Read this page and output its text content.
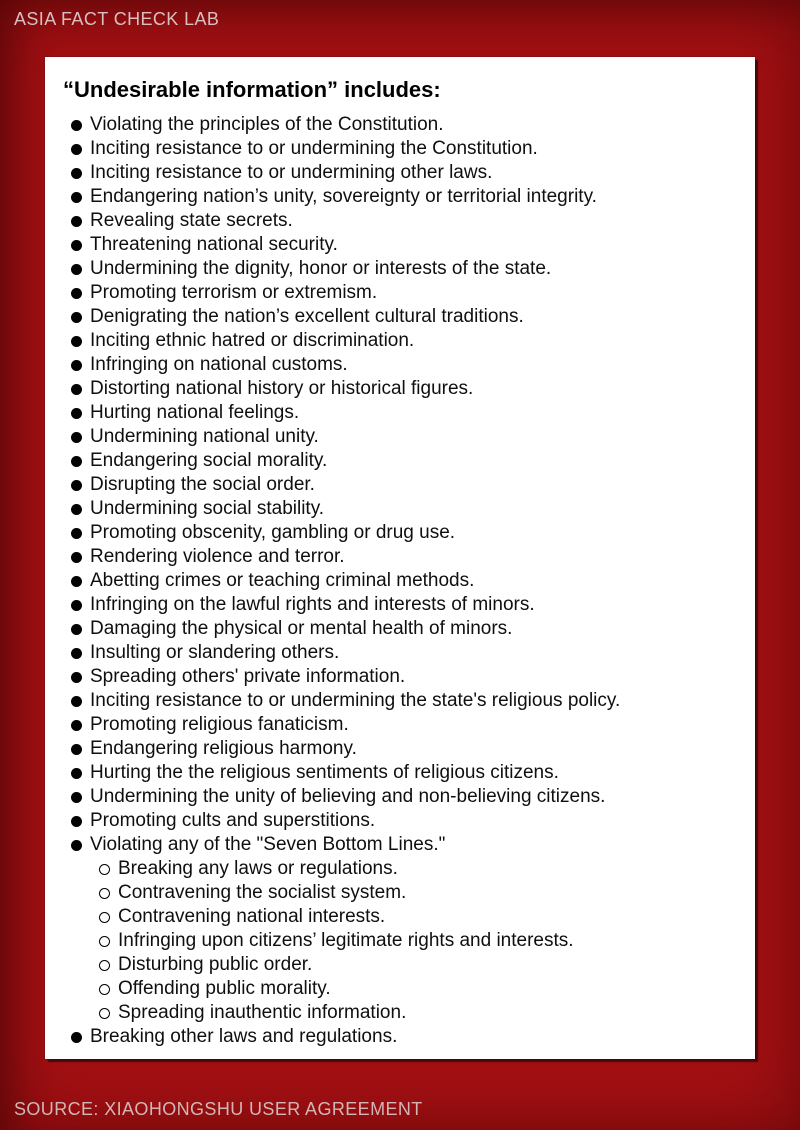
ASIA FACT CHECK LAB
“Undesirable information” includes:
Violating the principles of the Constitution.
Inciting resistance to or undermining the Constitution.
Inciting resistance to or undermining other laws.
Endangering nation’s unity, sovereignty or territorial integrity.
Revealing state secrets.
Threatening national security.
Undermining the dignity, honor or interests of the state.
Promoting terrorism or extremism.
Denigrating the nation’s excellent cultural traditions.
Inciting ethnic hatred or discrimination.
Infringing on national customs.
Distorting national history or historical figures.
Hurting national feelings.
Undermining national unity.
Endangering social morality.
Disrupting the social order.
Undermining social stability.
Promoting obscenity, gambling or drug use.
Rendering violence and terror.
Abetting crimes or teaching criminal methods.
Infringing on the lawful rights and interests of minors.
Damaging the physical or mental health of minors.
Insulting or slandering others.
Spreading others' private information.
Inciting resistance to or undermining the state's religious policy.
Promoting religious fanaticism.
Endangering religious harmony.
Hurting the the religious sentiments of religious citizens.
Undermining the unity of believing and non-believing citizens.
Promoting cults and superstitions.
Violating any of the "Seven Bottom Lines."
Breaking any laws or regulations.
Contravening the socialist system.
Contravening national interests.
Infringing upon citizens’ legitimate rights and interests.
Disturbing public order.
Offending public morality.
Spreading inauthentic information.
Breaking other laws and regulations.
SOURCE: XIAOHONGSHU USER AGREEMENT
